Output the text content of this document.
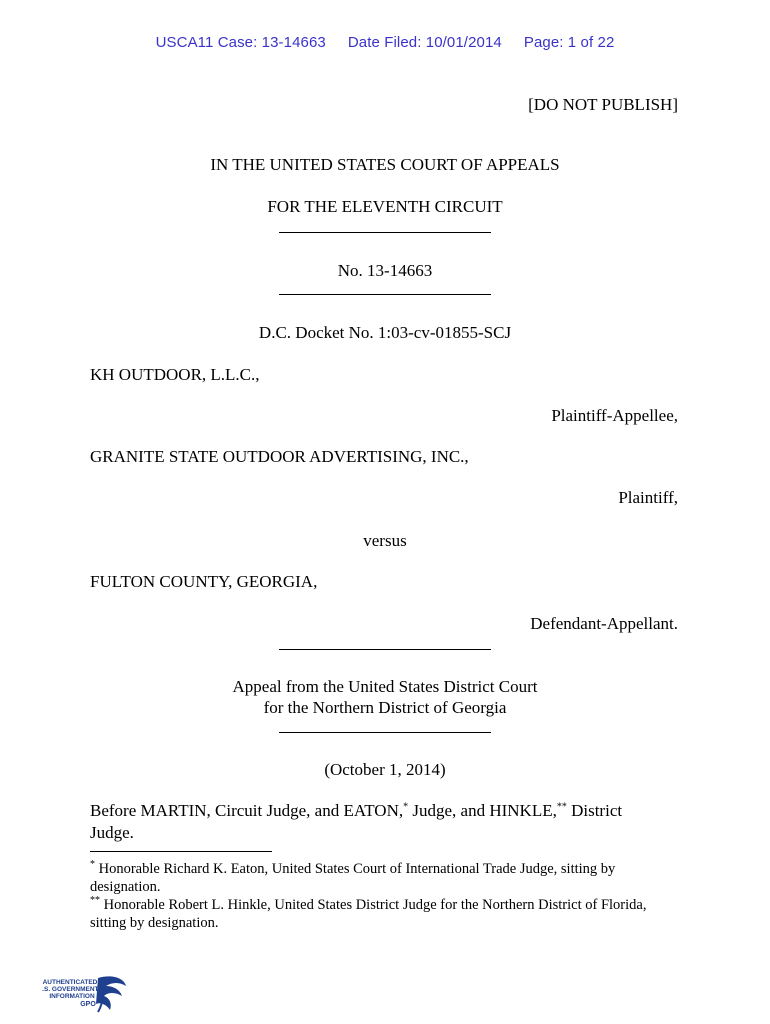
USCA11 Case: 13-14663 Date Filed: 10/01/2014 Page: 1 of 22
[DO NOT PUBLISH]
IN THE UNITED STATES COURT OF APPEALS
FOR THE ELEVENTH CIRCUIT
No. 13-14663
D.C. Docket No. 1:03-cv-01855-SCJ
KH OUTDOOR, L.L.C.,
Plaintiff-Appellee,
GRANITE STATE OUTDOOR ADVERTISING, INC.,
Plaintiff,
versus
FULTON COUNTY, GEORGIA,
Defendant-Appellant.
Appeal from the United States District Court
for the Northern District of Georgia
(October 1, 2014)
Before MARTIN, Circuit Judge, and EATON,* Judge, and HINKLE,** District
Judge.
* Honorable Richard K. Eaton, United States Court of International Trade Judge, sitting by
designation.
** Honorable Robert L. Hinkle, United States District Judge for the Northern District of Florida,
sitting by designation.
AUTHENTICATED
U.S. GOVERNMENT
INFORMATION
GPO
